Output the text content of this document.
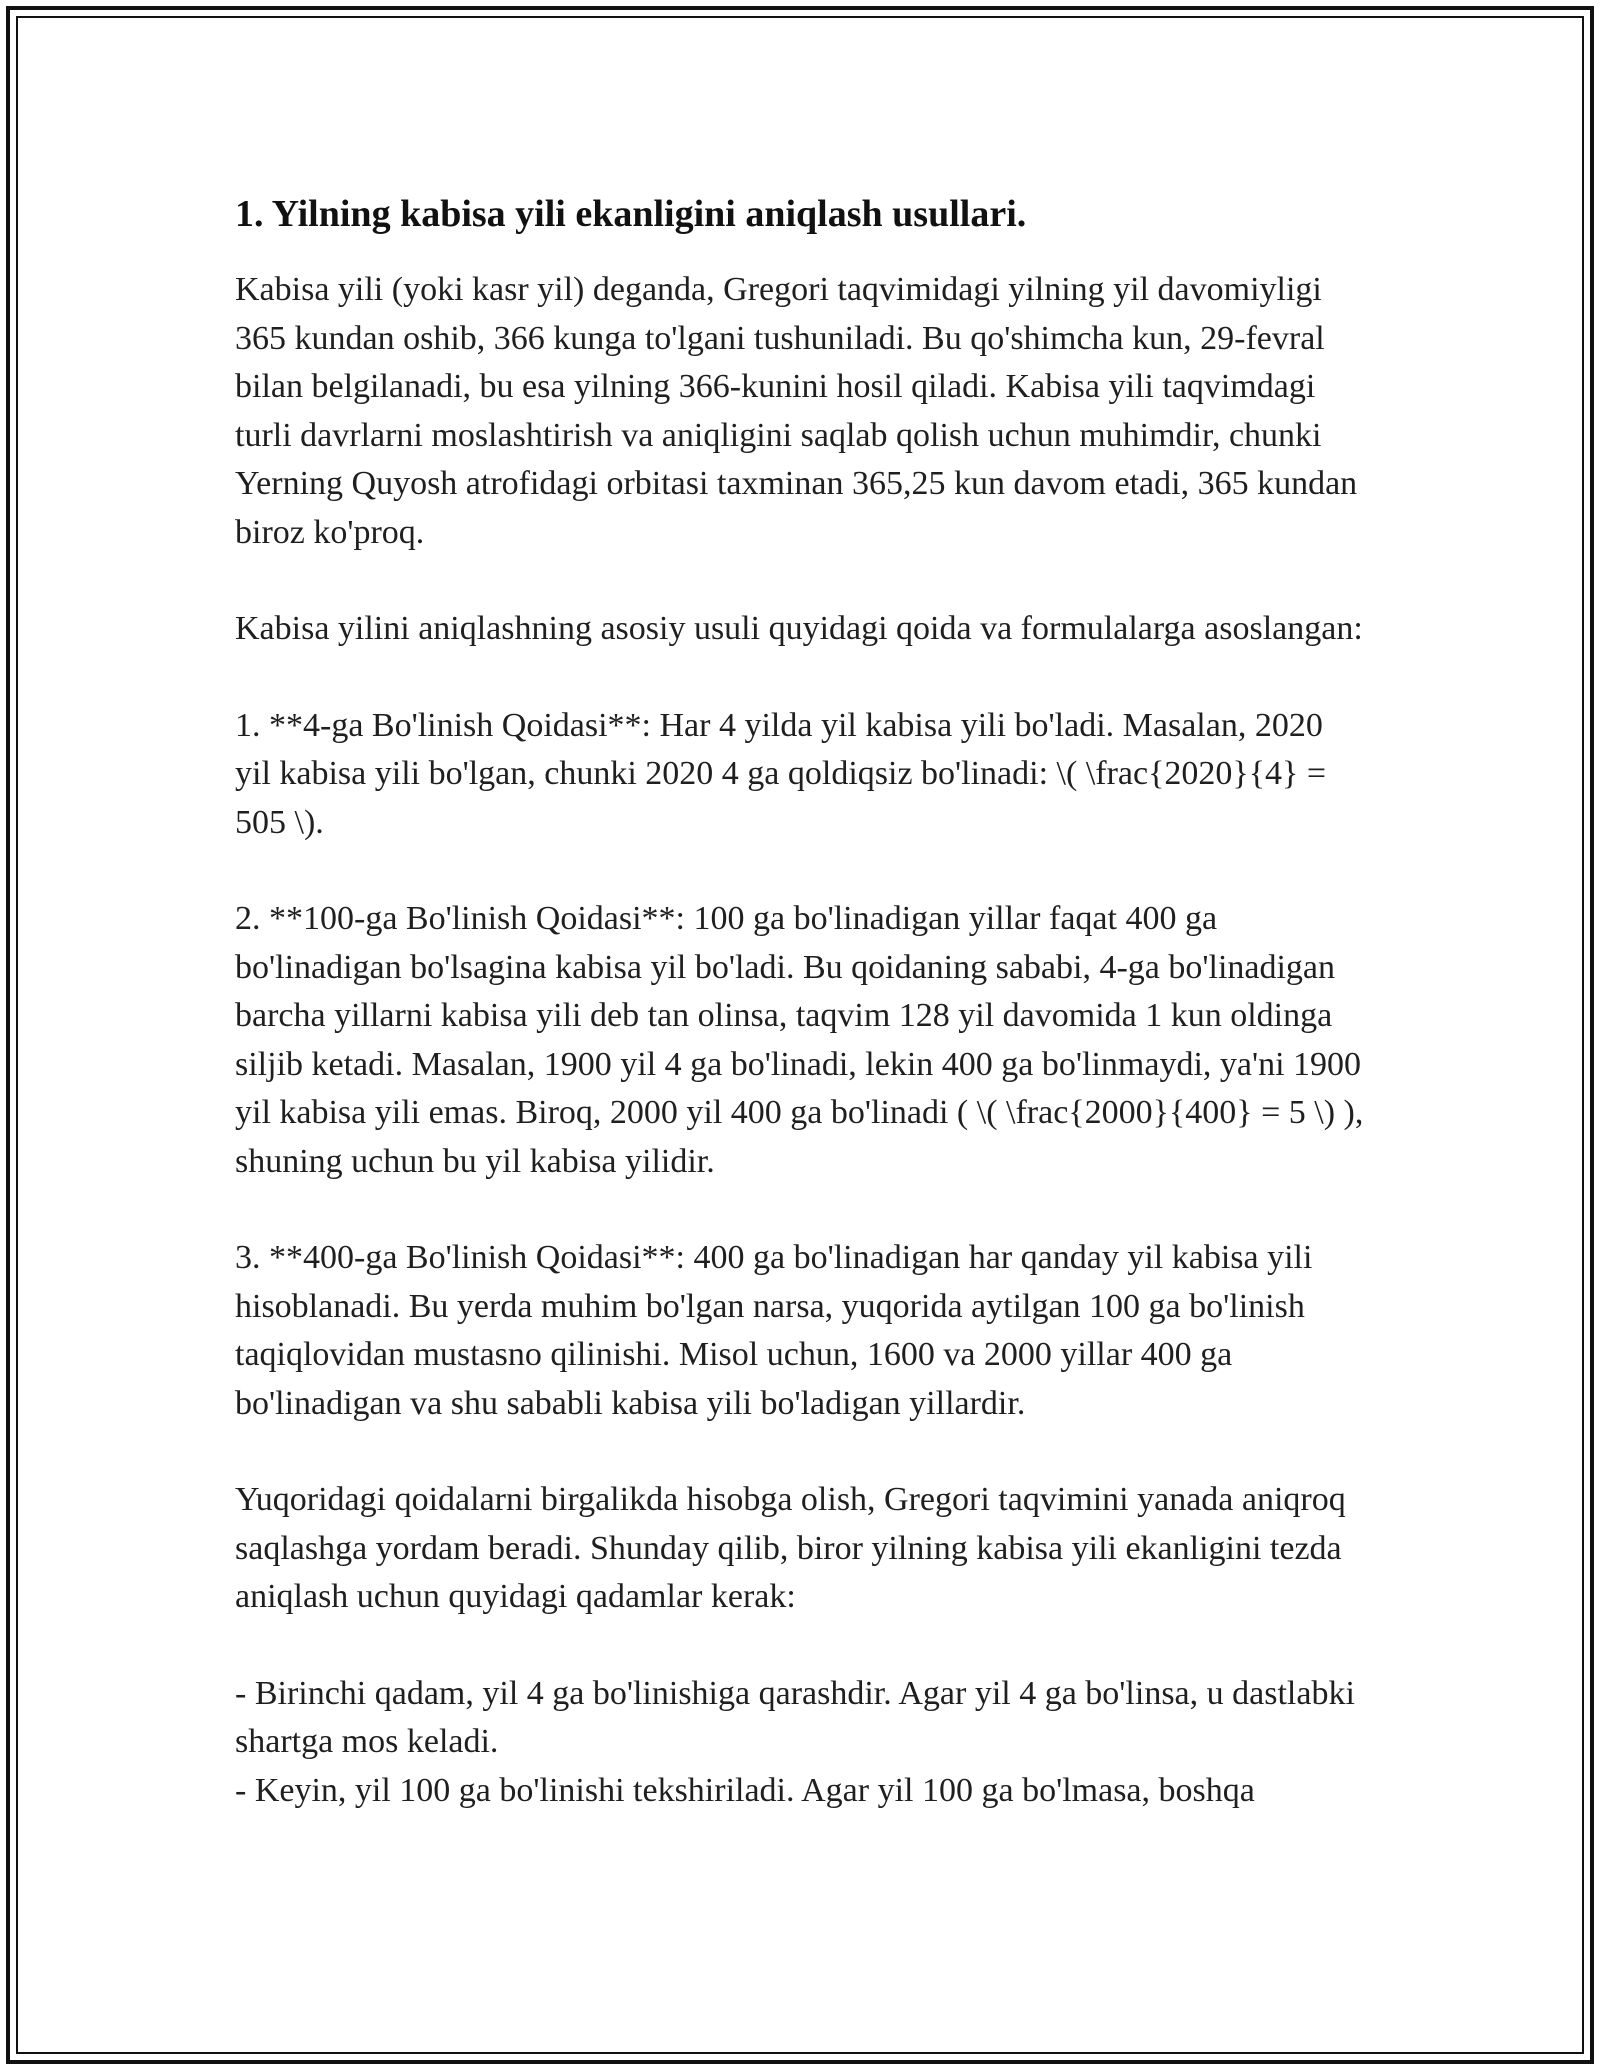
1. Yilning kabisa yili ekanligini aniqlash usullari.

Kabisa yili (yoki kasr yil) deganda, Gregori taqvimidagi yilning yil davomiyligi 365 kundan oshib, 366 kunga to'lgani tushuniladi. Bu qo'shimcha kun, 29-fevral bilan belgilanadi, bu esa yilning 366-kunini hosil qiladi. Kabisa yili taqvimdagi turli davrlarni moslashtirish va aniqligini saqlab qolish uchun muhimdir, chunki Yerning Quyosh atrofidagi orbitasi taxminan 365,25 kun davom etadi, 365 kundan biroz ko'proq.

Kabisa yilini aniqlashning asosiy usuli quyidagi qoida va formulalarga asoslangan:

1. **4-ga Bo'linish Qoidasi**: Har 4 yilda yil kabisa yili bo'ladi. Masalan, 2020 yil kabisa yili bo'lgan, chunki 2020 4 ga qoldiqsiz bo'linadi: \( \frac{2020}{4} = 505 \).

2. **100-ga Bo'linish Qoidasi**: 100 ga bo'linadigan yillar faqat 400 ga bo'linadigan bo'lsagina kabisa yil bo'ladi. Bu qoidaning sababi, 4-ga bo'linadigan barcha yillarni kabisa yili deb tan olinsa, taqvim 128 yil davomida 1 kun oldinga siljib ketadi. Masalan, 1900 yil 4 ga bo'linadi, lekin 400 ga bo'linmaydi, ya'ni 1900 yil kabisa yili emas. Biroq, 2000 yil 400 ga bo'linadi ( \( \frac{2000}{400} = 5 \) ), shuning uchun bu yil kabisa yilidir.

3. **400-ga Bo'linish Qoidasi**: 400 ga bo'linadigan har qanday yil kabisa yili hisoblanadi. Bu yerda muhim bo'lgan narsa, yuqorida aytilgan 100 ga bo'linish taqiqlovidan mustasno qilinishi. Misol uchun, 1600 va 2000 yillar 400 ga bo'linadigan va shu sababli kabisa yili bo'ladigan yillardir.

Yuqoridagi qoidalarni birgalikda hisobga olish, Gregori taqvimini yanada aniqroq saqlashga yordam beradi. Shunday qilib, biror yilning kabisa yili ekanligini tezda aniqlash uchun quyidagi qadamlar kerak:

- Birinchi qadam, yil 4 ga bo'linishiga qarashdir. Agar yil 4 ga bo'linsa, u dastlabki shartga mos keladi.

- Keyin, yil 100 ga bo'linishi tekshiriladi. Agar yil 100 ga bo'lmasa, boshqa
